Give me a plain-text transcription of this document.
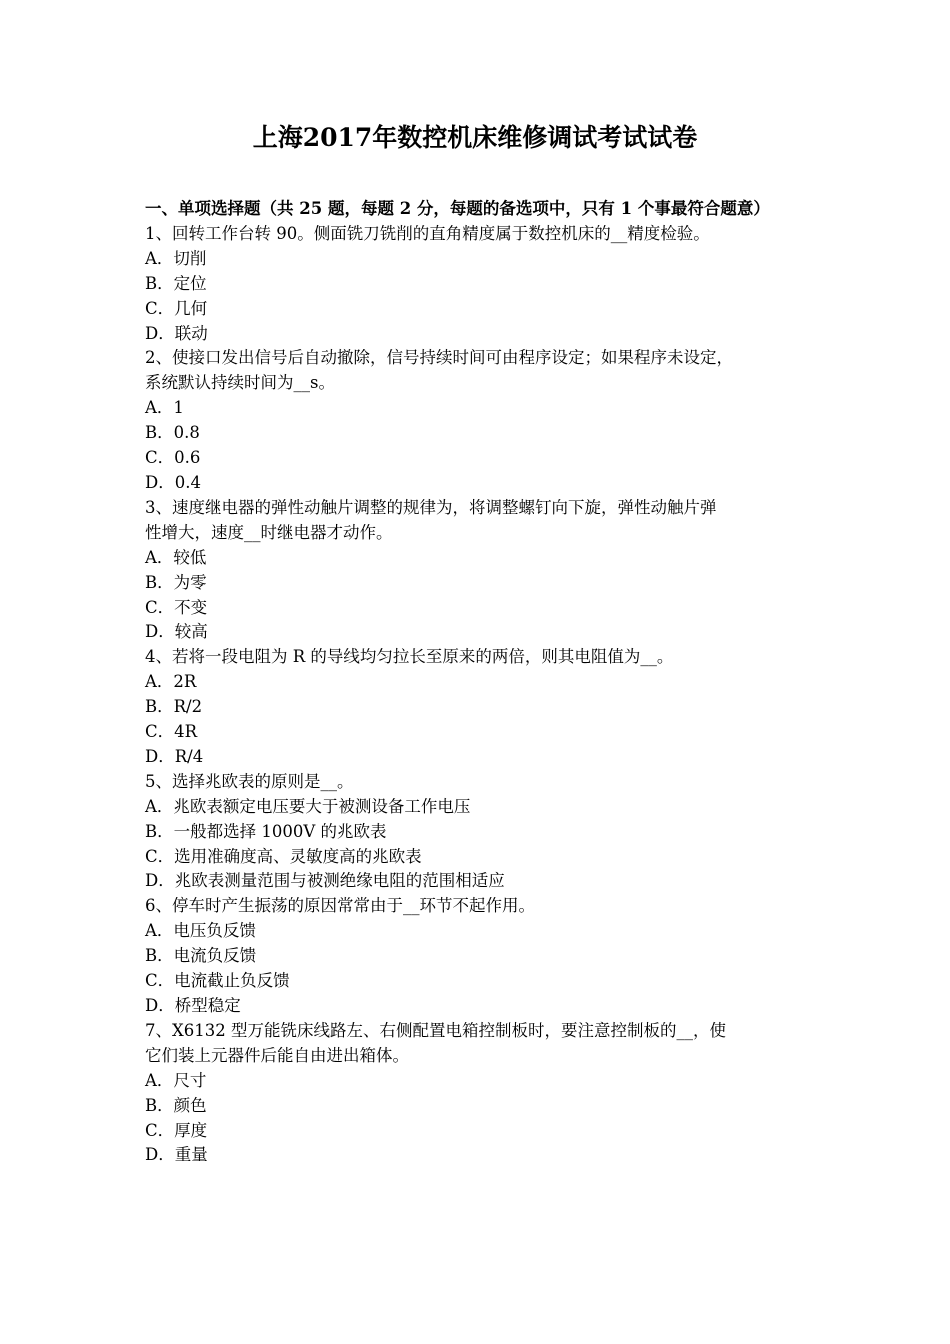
上海2017年数控机床维修调试考试试卷
一、单项选择题（共 25 题，每题 2 分，每题的备选项中，只有 1 个事最符合题意）
1、回转工作台转 90。侧面铣刀铣削的直角精度属于数控机床的__精度检验。
A．切削
B．定位
C．几何
D．联动
2、使接口发出信号后自动撤除，信号持续时间可由程序设定；如果程序未设定，
系统默认持续时间为__s。
A．1
B．0.8
C．0.6
D．0.4
3、速度继电器的弹性动触片调整的规律为，将调整螺钉向下旋，弹性动触片弹
性增大，速度__时继电器才动作。
A．较低
B．为零
C．不变
D．较高
4、若将一段电阻为 R 的导线均匀拉长至原来的两倍，则其电阻值为__。
A．2R
B．R/2
C．4R
D．R/4
5、选择兆欧表的原则是__。
A．兆欧表额定电压要大于被测设备工作电压
B．一般都选择 1000V 的兆欧表
C．选用准确度高、灵敏度高的兆欧表
D．兆欧表测量范围与被测绝缘电阻的范围相适应
6、停车时产生振荡的原因常常由于__环节不起作用。
A．电压负反馈
B．电流负反馈
C．电流截止负反馈
D．桥型稳定
7、X6132 型万能铣床线路左、右侧配置电箱控制板时，要注意控制板的__，使
它们装上元器件后能自由进出箱体。
A．尺寸
B．颜色
C．厚度
D．重量
